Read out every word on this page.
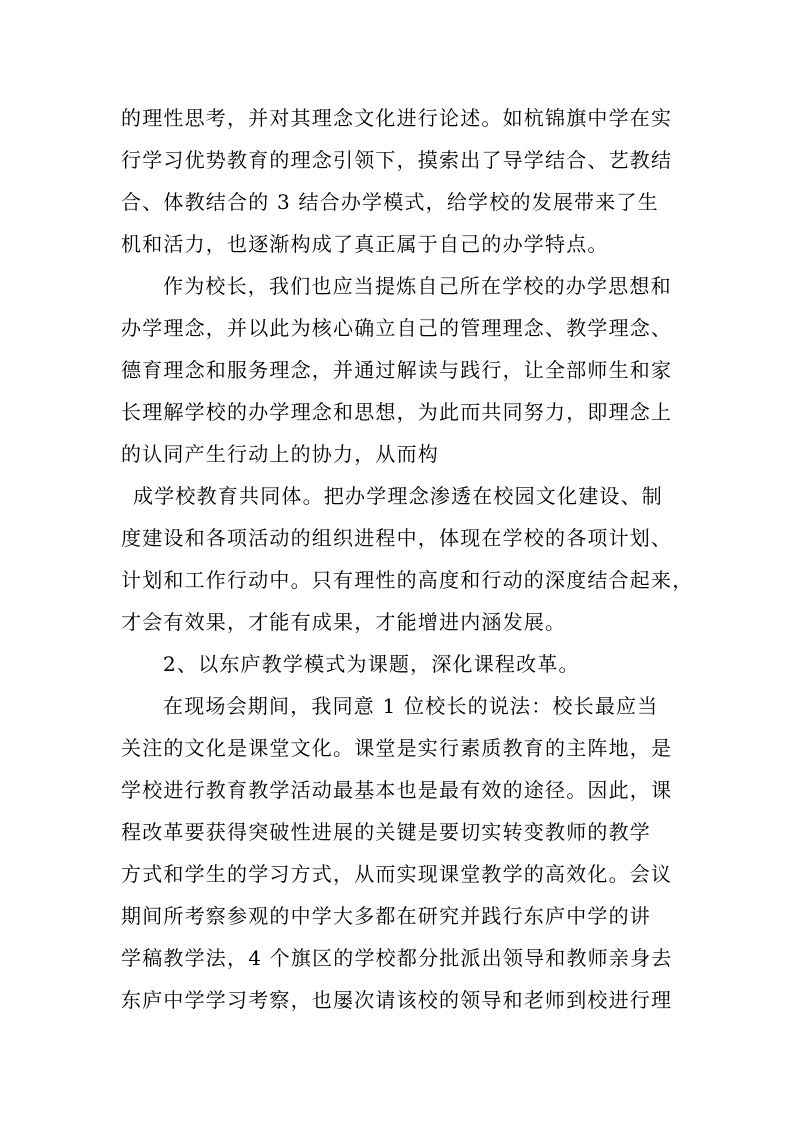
的理性思考，并对其理念文化进行论述。如杭锦旗中学在实
行学习优势教育的理念引领下，摸索出了导学结合、艺教结
合、体教结合的 3 结合办学模式，给学校的发展带来了生
机和活力，也逐渐构成了真正属于自己的办学特点。
作为校长，我们也应当提炼自己所在学校的办学思想和
办学理念，并以此为核心确立自己的管理理念、教学理念、
德育理念和服务理念，并通过解读与践行，让全部师生和家
长理解学校的办学理念和思想，为此而共同努力，即理念上
的认同产生行动上的协力，从而构
成学校教育共同体。把办学理念渗透在校园文化建设、制
度建设和各项活动的组织进程中，体现在学校的各项计划、
计划和工作行动中。只有理性的高度和行动的深度结合起来，
才会有效果，才能有成果，才能增进内涵发展。
2、以东庐教学模式为课题，深化课程改革。
在现场会期间，我同意 1 位校长的说法：校长最应当
关注的文化是课堂文化。课堂是实行素质教育的主阵地，是
学校进行教育教学活动最基本也是最有效的途径。因此，课
程改革要获得突破性进展的关键是要切实转变教师的教学
方式和学生的学习方式，从而实现课堂教学的高效化。会议
期间所考察参观的中学大多都在研究并践行东庐中学的讲
学稿教学法，4 个旗区的学校都分批派出领导和教师亲身去
东庐中学学习考察，也屡次请该校的领导和老师到校进行理
